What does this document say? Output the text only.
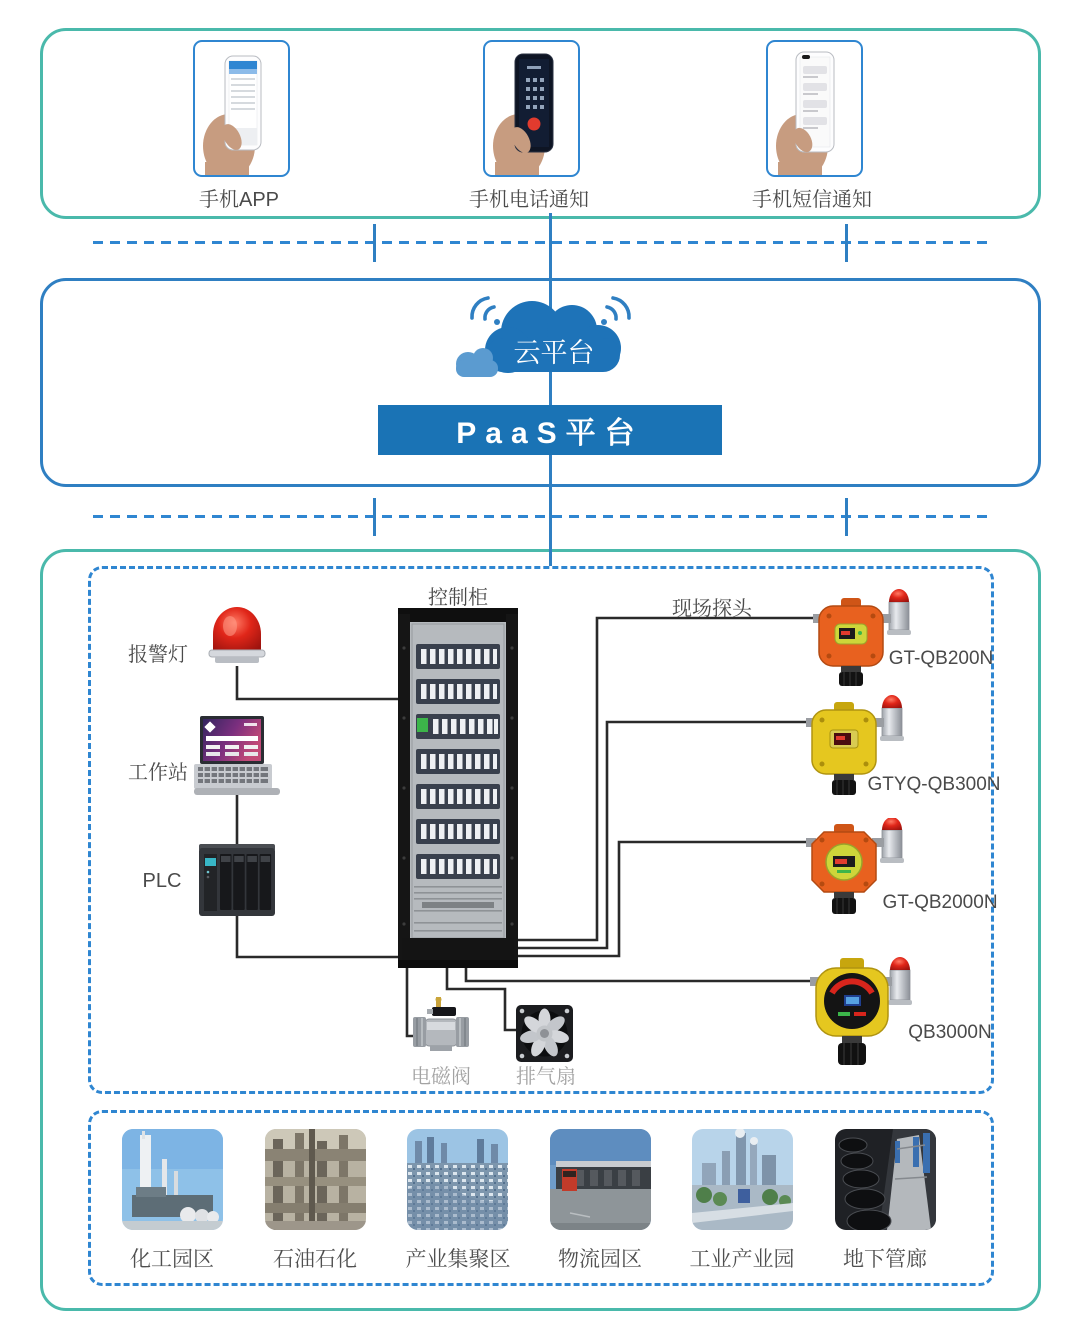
手机APP	手机电话通知	手机短信通知
云平台
PaaS平台
控制柜	现场探头
报警灯
工作站
PLC
GT-QB200N
GTYQ-QB300N
GT-QB2000N
QB3000N
电磁阀	排气扇
化工园区	石油石化	产业集聚区	物流园区	工业产业园	地下管廊
